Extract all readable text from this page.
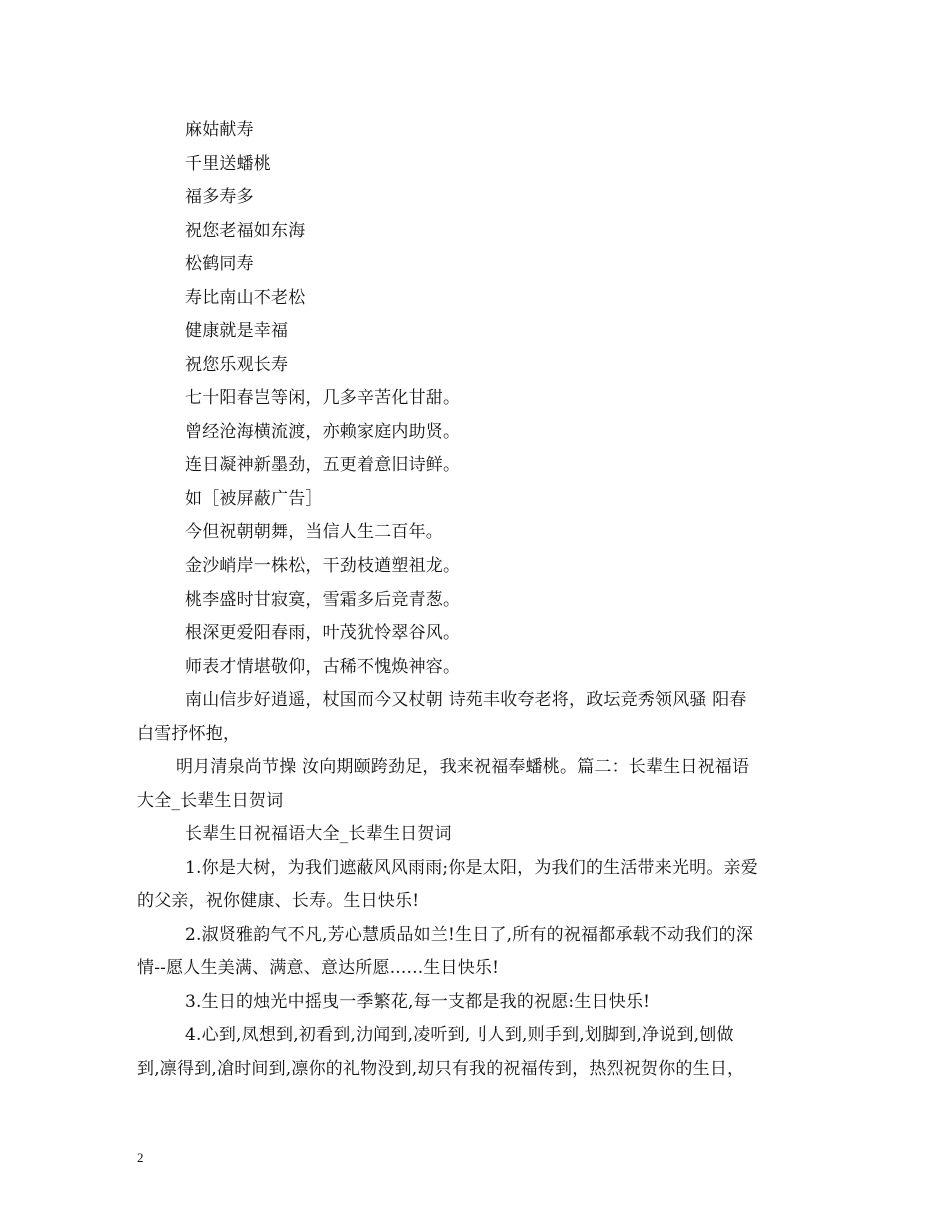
麻姑献寿
千里送蟠桃
福多寿多
祝您老福如东海
松鹤同寿
寿比南山不老松
健康就是幸福
祝您乐观长寿
七十阳春岂等闲，几多辛苦化甘甜。
曾经沧海横流渡，亦赖家庭内助贤。
连日凝神新墨劲，五更着意旧诗鲜。
如［被屏蔽广告］
今但祝朝朝舞，当信人生二百年。
金沙峭岸一株松，干劲枝遒塑祖龙。
桃李盛时甘寂寞，雪霜多后竞青葱。
根深更爱阳春雨，叶茂犹怜翠谷风。
师表才情堪敬仰，古稀不愧焕神容。
南山信步好逍遥，杖国而今又杖朝 诗苑丰收夸老将，政坛竞秀领风骚 阳春
白雪抒怀抱，
明月清泉尚节操 汝向期颐跨劲足，我来祝福奉蟠桃。篇二：长辈生日祝福语
大全_长辈生日贺词
长辈生日祝福语大全_长辈生日贺词
1.你是大树，为我们遮蔽风风雨雨;你是太阳，为我们的生活带来光明。亲爱
的父亲，祝你健康、长寿。生日快乐!
2.淑贤雅韵气不凡,芳心慧质品如兰!生日了,所有的祝福都承载不动我们的深
情--愿人生美满、满意、意达所愿......生日快乐!
3.生日的烛光中摇曳一季繁花,每一支都是我的祝愿:生日快乐!
4.心到,凤想到,初看到,氻闻到,凌听到,刂人到,则手到,划脚到,净说到,刨做
到,凛得到,凔时间到,凛你的礼物没到,刧只有我的祝福传到，热烈祝贺你的生日，
2
